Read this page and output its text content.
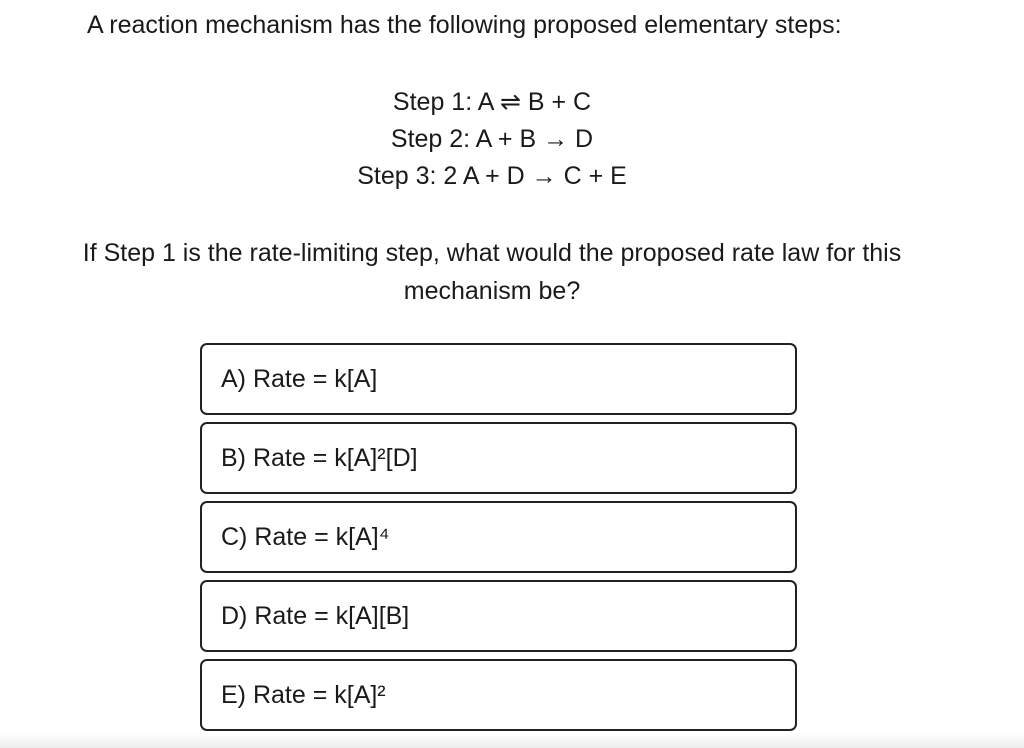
A reaction mechanism has the following proposed elementary steps:
Step 1: A ⇌ B + C
Step 2: A + B → D
Step 3: 2 A + D → C + E
If Step 1 is the rate-limiting step, what would the proposed rate law for this
mechanism be?
A) Rate = k[A]
B) Rate = k[A]²[D]
C) Rate = k[A]⁴
D) Rate = k[A][B]
E) Rate = k[A]²
